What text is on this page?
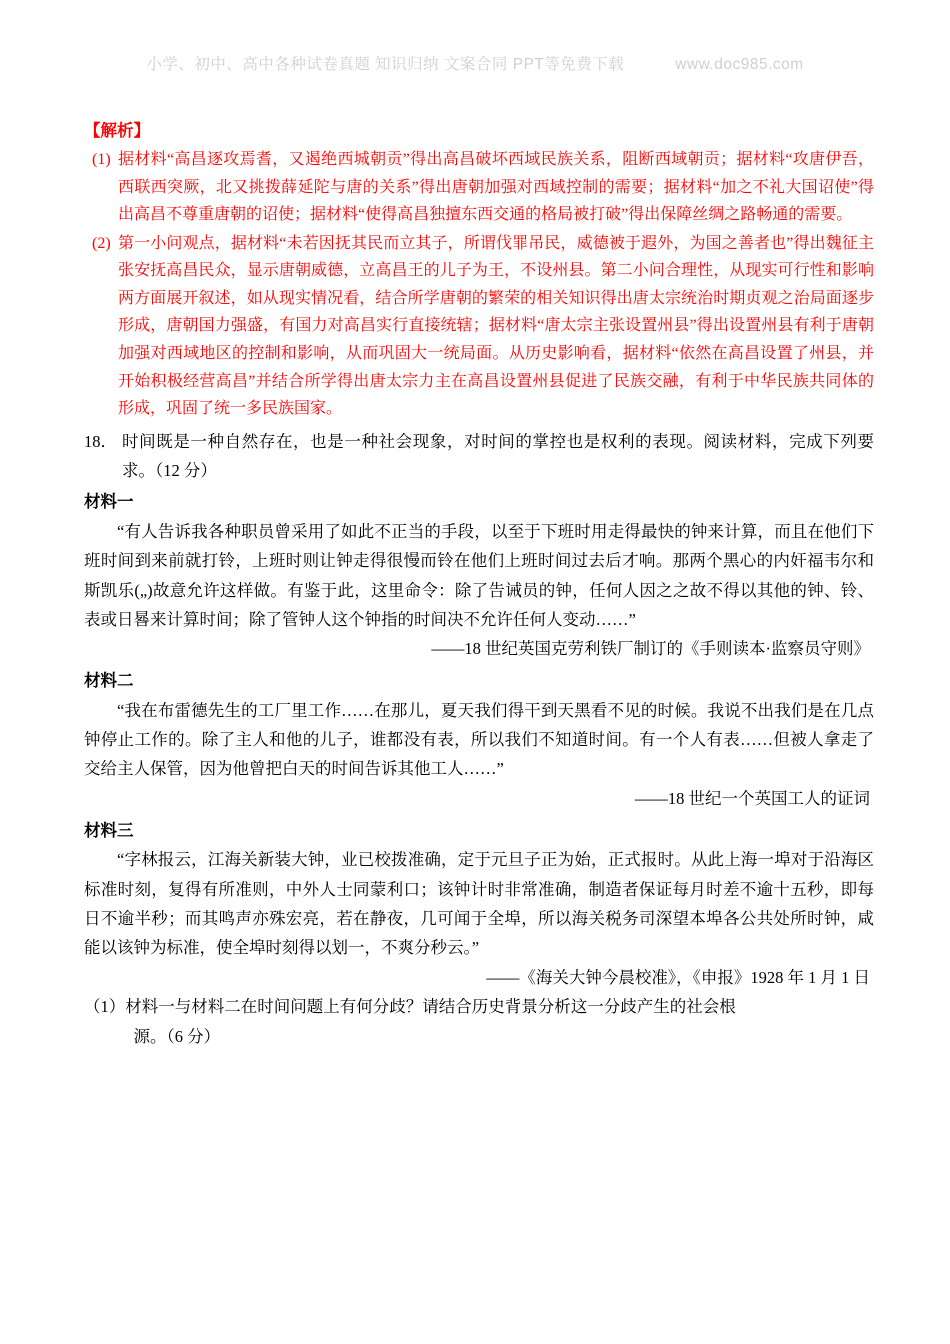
小学、初中、高中各种试卷真题 知识归纳 文案合同 PPT等免费下载	www.doc985.com
【解析】
(1) 据材料“高昌逐攻焉耆，又遏绝西城朝贡”得出高昌破坏西域民族关系，阻断西域朝贡；据材料“攻唐伊吾，西联西突厥，北又挑拨薛延陀与唐的关系”得出唐朝加强对西域控制的需要；据材料“加之不礼大国诏使”得出高昌不尊重唐朝的诏使；据材料“使得高昌独擅东西交通的格局被打破”得出保障丝绸之路畅通的需要。
(2) 第一小问观点，据材料“未若因抚其民而立其子，所谓伐罪吊民，威德被于遐外，为国之善者也”得出魏征主张安抚高昌民众，显示唐朝威德，立高昌王的儿子为王，不设州县。第二小问合理性，从现实可行性和影响两方面展开叙述，如从现实情况看，结合所学唐朝的繁荣的相关知识得出唐太宗统治时期贞观之治局面逐步形成，唐朝国力强盛，有国力对高昌实行直接统辖；据材料“唐太宗主张设置州县”得出设置州县有利于唐朝加强对西域地区的控制和影响，从而巩固大一统局面。从历史影响看，据材料“依然在高昌设置了州县，并开始积极经营高昌”并结合所学得出唐太宗力主在高昌设置州县促进了民族交融，有利于中华民族共同体的形成，巩固了统一多民族国家。
18． 时间既是一种自然存在，也是一种社会现象，对时间的掌控也是权利的表现。阅读材料，完成下列要求。（12 分）
材料一
“有人告诉我各种职员曾采用了如此不正当的手段，以至于下班时用走得最快的钟来计算，而且在他们下班时间到来前就打铃，上班时则让钟走得很慢而铃在他们上班时间过去后才响。那两个黑心的内奸福韦尔和斯凯乐(„)故意允许这样做。有鉴于此，这里命令：除了告诫员的钟，任何人因之之故不得以其他的钟、铃、表或日晷来计算时间；除了管钟人这个钟指的时间决不允许任何人变动……”
——18 世纪英国克劳利铁厂制订的《手则读本·监察员守则》
材料二
“我在布雷德先生的工厂里工作……在那儿，夏天我们得干到天黑看不见的时候。我说不出我们是在几点钟停止工作的。除了主人和他的儿子，谁都没有表，所以我们不知道时间。有一个人有表……但被人拿走了交给主人保管，因为他曾把白天的时间告诉其他工人……”
——18 世纪一个英国工人的证词
材料三
“字林报云，江海关新装大钟，业已校拨准确，定于元旦子正为始，正式报时。从此上海一埠对于沿海区标准时刻，复得有所准则，中外人士同蒙利口；该钟计时非常准确，制造者保证每月时差不逾十五秒，即每日不逾半秒；而其鸣声亦殊宏亮，若在静夜，几可闻于全埠，所以海关税务司深望本埠各公共处所时钟，咸能以该钟为标准，使全埠时刻得以划一，不爽分秒云。”
——《海关大钟今晨校准》，《申报》1928 年 1 月 1 日
（1）材料一与材料二在时间问题上有何分歧？请结合历史背景分析这一分歧产生的社会根
源。（6 分）
